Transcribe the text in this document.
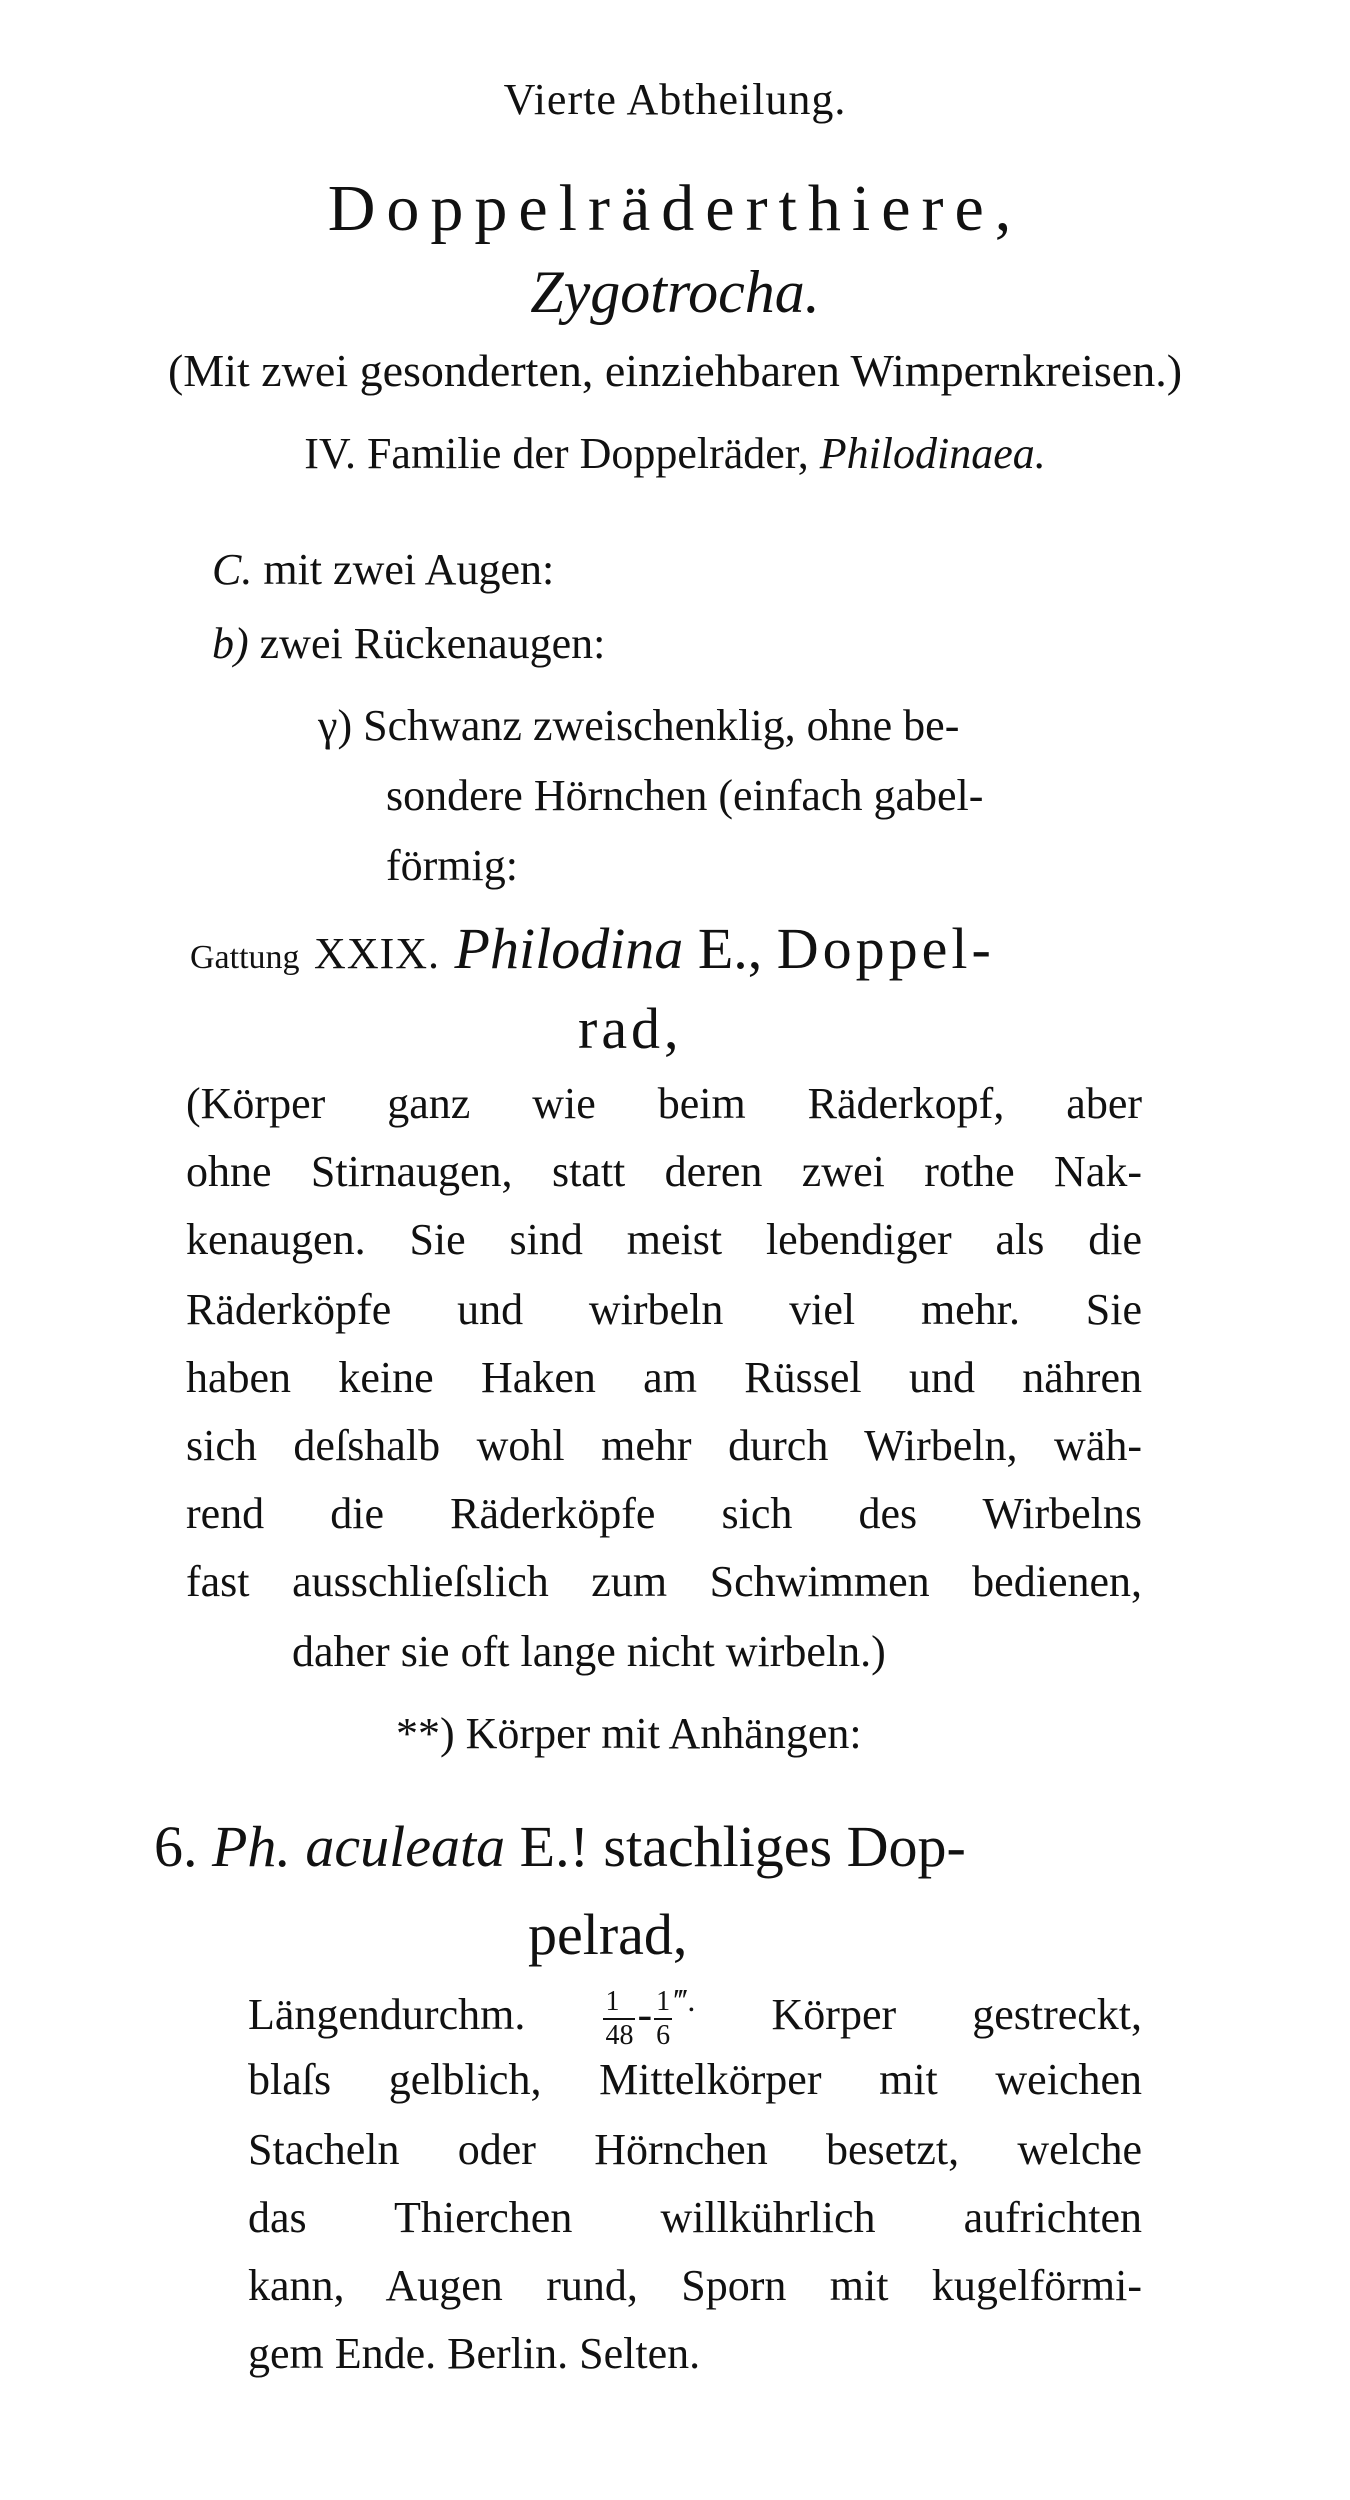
Vierte Abtheilung.
Doppelräderthiere,
Zygotrocha.
(Mit zwei gesonderten, einziehbaren Wimpernkreisen.)
IV. Familie der Doppelräder, Philodinaea.
C. mit zwei Augen:
b) zwei Rückenaugen:
γ) Schwanz zweischenklig, ohne be-
sondere Hörnchen (einfach gabel-
förmig:
Gattung XXIX. Philodina E., Doppel-
rad,
(Körper ganz wie beim Räderkopf, aber
ohne Stirnaugen, statt deren zwei rothe Nak-
kenaugen. Sie sind meist lebendiger als die
Räderköpfe und wirbeln viel mehr. Sie
haben keine Haken am Rüssel und nähren
sich deſshalb wohl mehr durch Wirbeln, wäh-
rend die Räderköpfe sich des Wirbelns
fast ausschlieſslich zum Schwimmen bedienen,
daher sie oft lange nicht wirbeln.)
**) Körper mit Anhängen:
6. Ph. aculeata E.! stachliges Dop-
pelrad,
Längendurchm.	$\frac{1}{48} - \frac{1}{6} ^{‴.}$ Körper gestreckt,
blaſs gelblich, Mittelkörper mit weichen
Stacheln oder Hörnchen besetzt, welche
das Thierchen willkührlich aufrichten
kann, Augen rund, Sporn mit kugelförmi-
gem Ende. Berlin. Selten.
